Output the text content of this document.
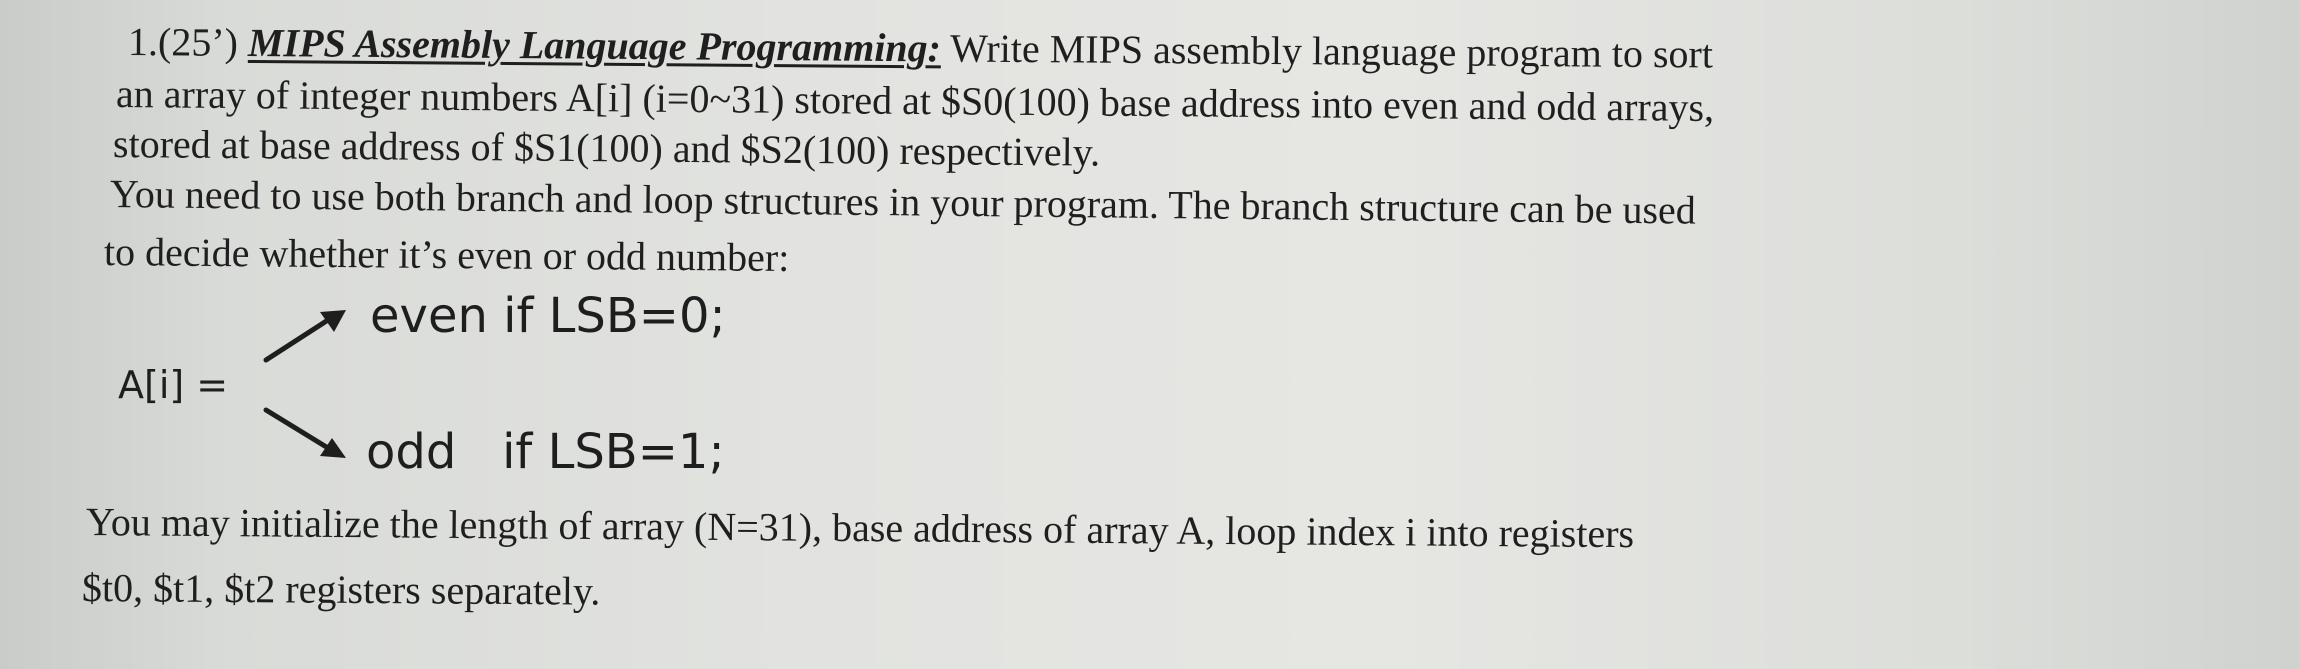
1.(25’) MIPS Assembly Language Programming: Write MIPS assembly language program to sort
an array of integer numbers A[i] (i=0~31) stored at $S0(100) base address into even and odd arrays,
stored at base address of $S1(100) and $S2(100) respectively.
You need to use both branch and loop structures in your program. The branch structure can be used
to decide whether it’s even or odd number:
A[i] =
even if LSB=0;
odd   if LSB=1;
You may initialize the length of array (N=31), base address of array A, loop index i into registers
$t0, $t1, $t2 registers separately.
